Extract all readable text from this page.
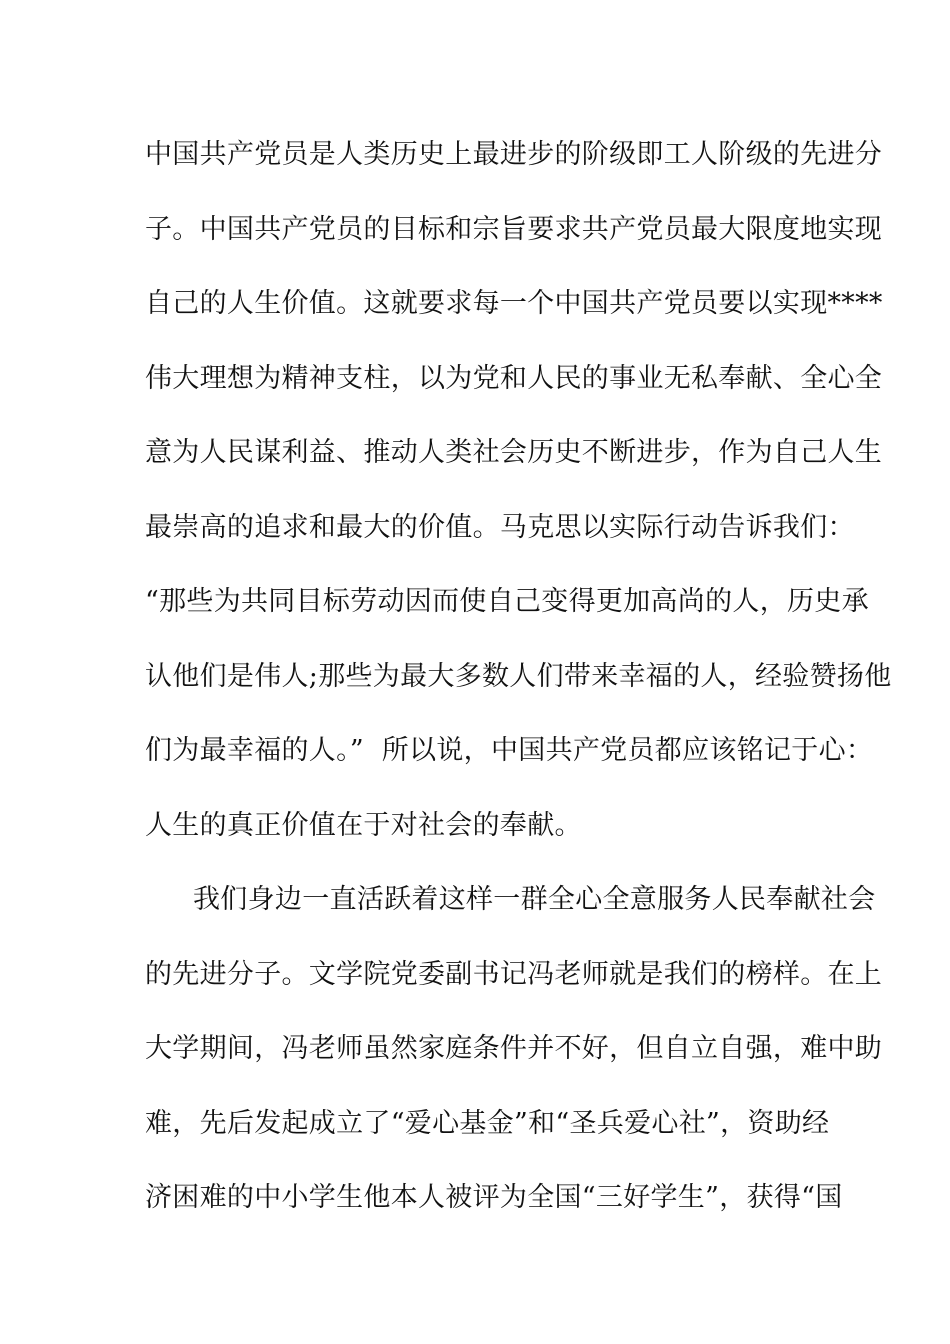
中国共产党员是人类历史上最进步的阶级即工人阶级的先进分
子。中国共产党员的目标和宗旨要求共产党员最大限度地实现
自己的人生价值。这就要求每一个中国共产党员要以实现****
伟大理想为精神支柱，以为党和人民的事业无私奉献、全心全
意为人民谋利益、推动人类社会历史不断进步，作为自己人生
最崇高的追求和最大的价值。马克思以实际行动告诉我们：
“那些为共同目标劳动因而使自己变得更加高尚的人，历史承
认他们是伟人;那些为最大多数人们带来幸福的人，经验赞扬他
们为最幸福的人。”  所以说，中国共产党员都应该铭记于心：
人生的真正价值在于对社会的奉献。
我们身边一直活跃着这样一群全心全意服务人民奉献社会
的先进分子。文学院党委副书记冯老师就是我们的榜样。在上
大学期间，冯老师虽然家庭条件并不好，但自立自强，难中助
难，先后发起成立了“爱心基金”和“圣兵爱心社”，资助经
济困难的中小学生他本人被评为全国“三好学生”，获得“国
